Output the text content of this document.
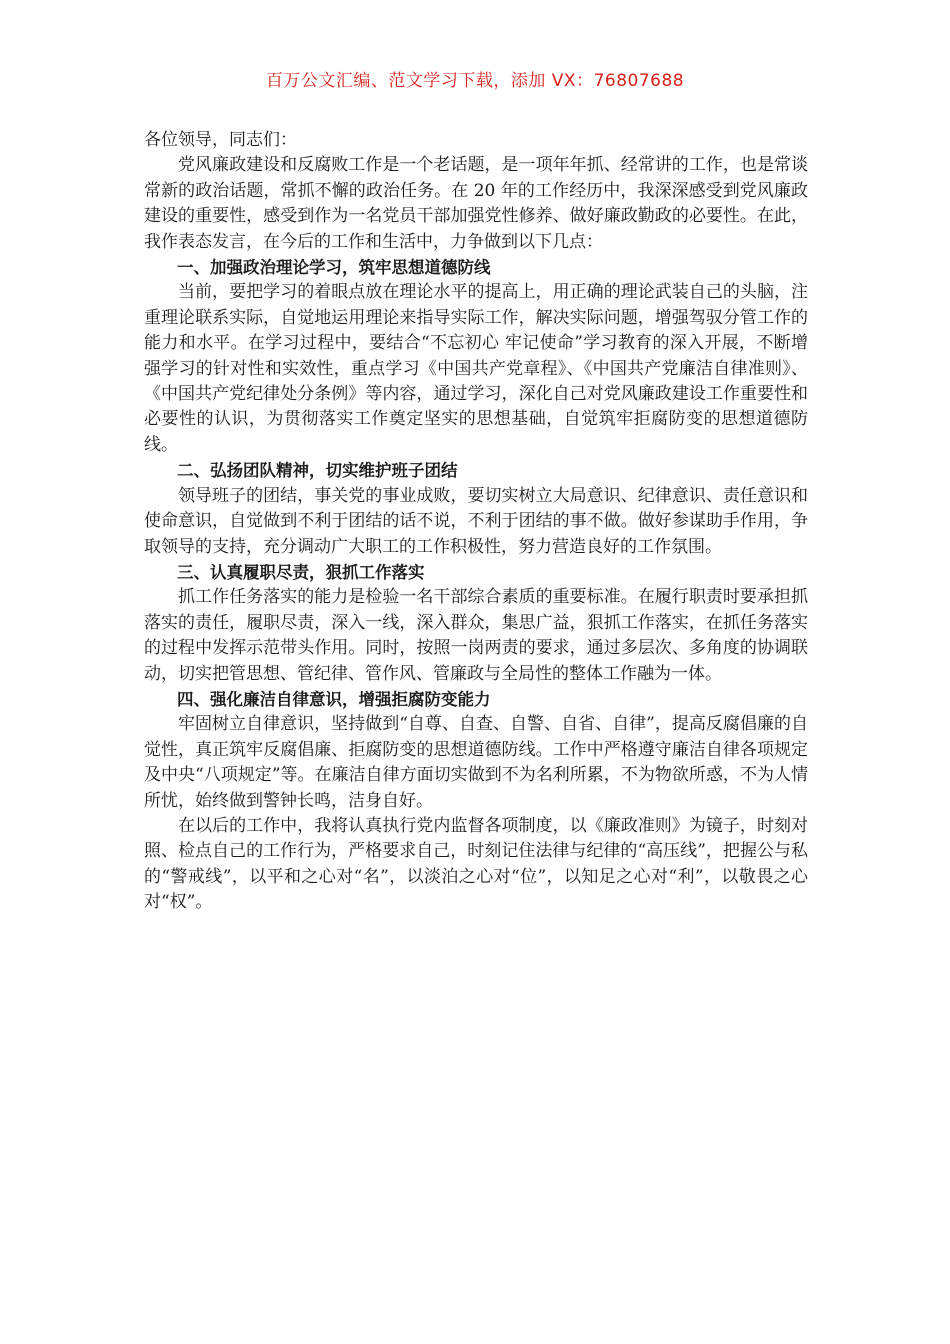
百万公文汇编、范文学习下载，添加 VX：76807688

各位领导，同志们：

党风廉政建设和反腐败工作是一个老话题，是一项年年抓、经常讲的工作，也是常谈常新的政治话题，常抓不懈的政治任务。在 20 年的工作经历中，我深深感受到党风廉政建设的重要性，感受到作为一名党员干部加强党性修养、做好廉政勤政的必要性。在此，我作表态发言，在今后的工作和生活中，力争做到以下几点：

一、加强政治理论学习，筑牢思想道德防线

当前，要把学习的着眼点放在理论水平的提高上，用正确的理论武装自己的头脑，注重理论联系实际，自觉地运用理论来指导实际工作，解决实际问题，增强驾驭分管工作的能力和水平。在学习过程中，要结合“不忘初心 牢记使命”学习教育的深入开展，不断增强学习的针对性和实效性，重点学习《中国共产党章程》、《中国共产党廉洁自律准则》、《中国共产党纪律处分条例》等内容，通过学习，深化自己对党风廉政建设工作重要性和必要性的认识，为贯彻落实工作奠定坚实的思想基础，自觉筑牢拒腐防变的思想道德防线。

二、弘扬团队精神，切实维护班子团结

领导班子的团结，事关党的事业成败，要切实树立大局意识、纪律意识、责任意识和使命意识，自觉做到不利于团结的话不说，不利于团结的事不做。做好参谋助手作用，争取领导的支持，充分调动广大职工的工作积极性，努力营造良好的工作氛围。

三、认真履职尽责，狠抓工作落实

抓工作任务落实的能力是检验一名干部综合素质的重要标准。在履行职责时要承担抓落实的责任，履职尽责，深入一线，深入群众，集思广益，狠抓工作落实，在抓任务落实的过程中发挥示范带头作用。同时，按照一岗两责的要求，通过多层次、多角度的协调联动，切实把管思想、管纪律、管作风、管廉政与全局性的整体工作融为一体。

四、强化廉洁自律意识，增强拒腐防变能力

牢固树立自律意识，坚持做到“自尊、自查、自警、自省、自律”，提高反腐倡廉的自觉性，真正筑牢反腐倡廉、拒腐防变的思想道德防线。工作中严格遵守廉洁自律各项规定及中央“八项规定”等。在廉洁自律方面切实做到不为名利所累，不为物欲所惑，不为人情所忧，始终做到警钟长鸣，洁身自好。

在以后的工作中，我将认真执行党内监督各项制度，以《廉政准则》为镜子，时刻对照、检点自己的工作行为，严格要求自己，时刻记住法律与纪律的“高压线”，把握公与私的“警戒线”，以平和之心对“名”，以淡泊之心对“位”，以知足之心对“利”，以敬畏之心对“权”。
